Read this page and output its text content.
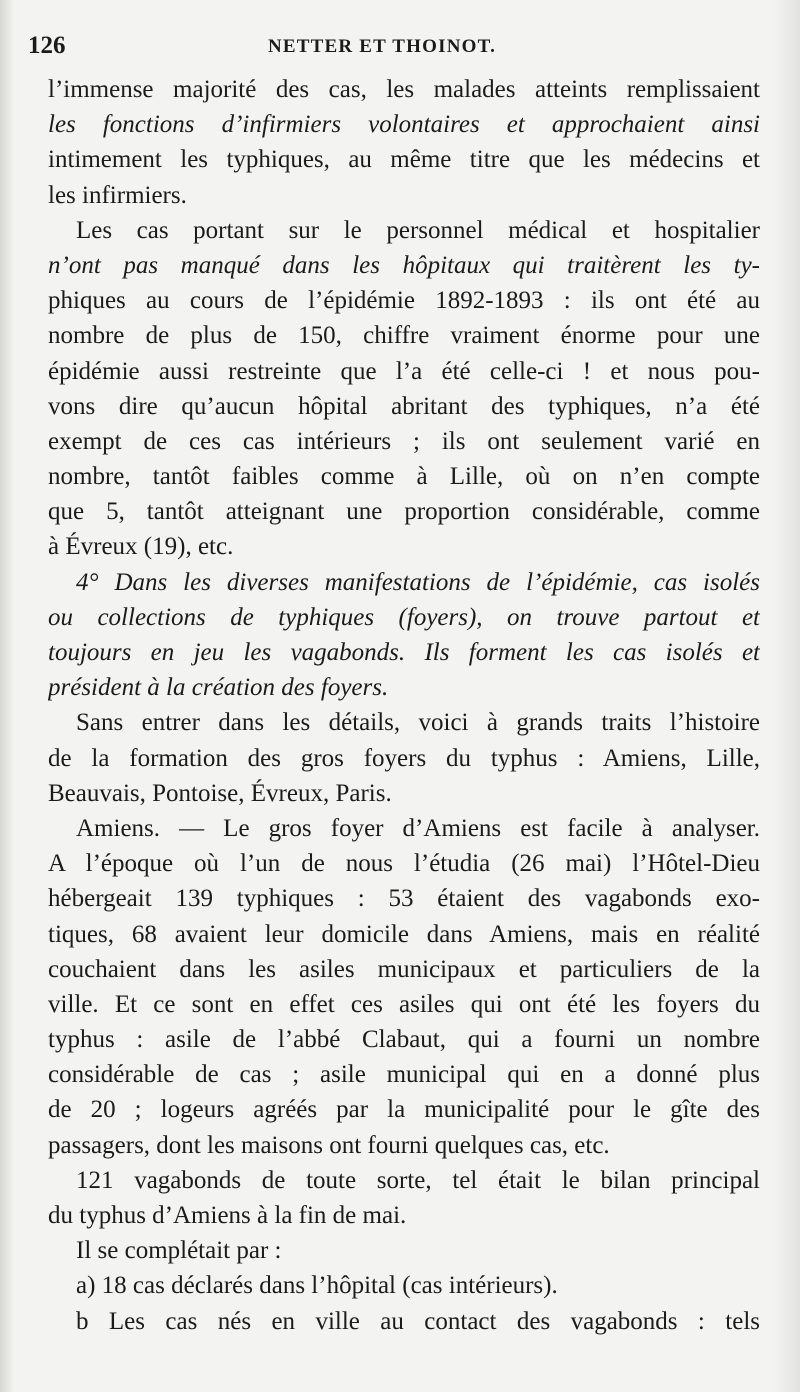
126	NETTER ET THOINOT.
l’immense majorité des cas, les malades atteints remplissaient
les fonctions d’infirmiers volontaires et approchaient ainsi
intimement les typhiques, au même titre que les médecins et
les infirmiers.
Les cas portant sur le personnel médical et hospitalier
n’ont pas manqué dans les hôpitaux qui traitèrent les ty-
phiques au cours de l’épidémie 1892-1893 : ils ont été au
nombre de plus de 150, chiffre vraiment énorme pour une
épidémie aussi restreinte que l’a été celle-ci ! et nous pou-
vons dire qu’aucun hôpital abritant des typhiques, n’a été
exempt de ces cas intérieurs ; ils ont seulement varié en
nombre, tantôt faibles comme à Lille, où on n’en compte
que 5, tantôt atteignant une proportion considérable, comme
à Évreux (19), etc.
4° Dans les diverses manifestations de l’épidémie, cas isolés
ou collections de typhiques (foyers), on trouve partout et
toujours en jeu les vagabonds. Ils forment les cas isolés et
président à la création des foyers.
Sans entrer dans les détails, voici à grands traits l’histoire
de la formation des gros foyers du typhus : Amiens, Lille,
Beauvais, Pontoise, Évreux, Paris.
Amiens. — Le gros foyer d’Amiens est facile à analyser.
A l’époque où l’un de nous l’étudia (26 mai) l’Hôtel-Dieu
hébergeait 139 typhiques : 53 étaient des vagabonds exo-
tiques, 68 avaient leur domicile dans Amiens, mais en réalité
couchaient dans les asiles municipaux et particuliers de la
ville. Et ce sont en effet ces asiles qui ont été les foyers du
typhus : asile de l’abbé Clabaut, qui a fourni un nombre
considérable de cas ; asile municipal qui en a donné plus
de 20 ; logeurs agréés par la municipalité pour le gîte des
passagers, dont les maisons ont fourni quelques cas, etc.
121 vagabonds de toute sorte, tel était le bilan principal
du typhus d’Amiens à la fin de mai.
Il se complétait par :
a) 18 cas déclarés dans l’hôpital (cas intérieurs).
b Les cas nés en ville au contact des vagabonds : tels
